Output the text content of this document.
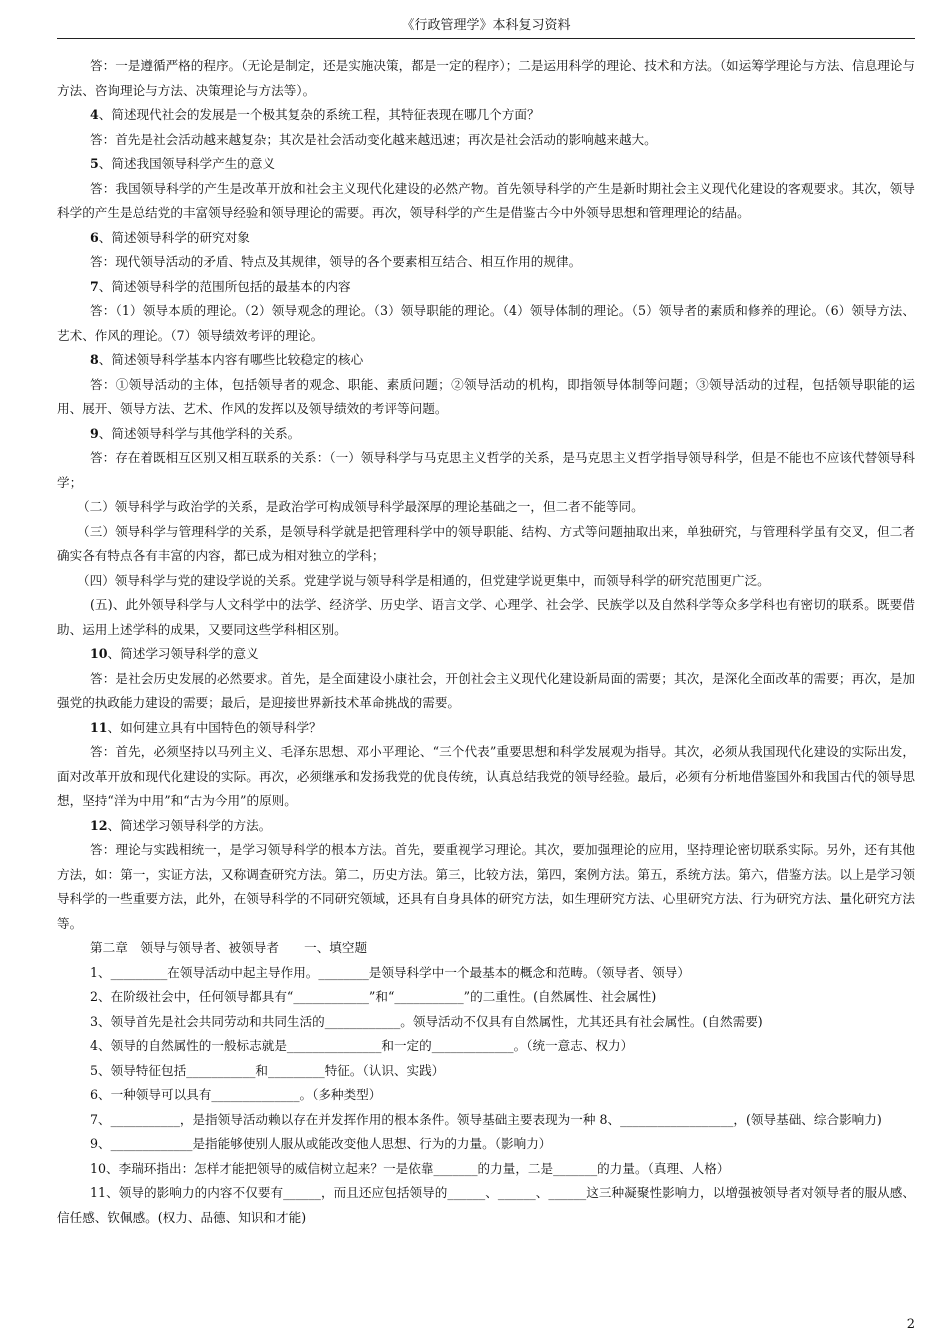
《行政管理学》本科复习资料

答：一是遵循严格的程序。（无论是制定，还是实施决策，都是一定的程序）；二是运用科学的理论、技术和方法。（如运筹学理论与方法、信息理论与方法、咨询理论与方法、决策理论与方法等）。

4、简述现代社会的发展是一个极其复杂的系统工程，其特征表现在哪几个方面？

答：首先是社会活动越来越复杂；其次是社会活动变化越来越迅速；再次是社会活动的影响越来越大。

5、简述我国领导科学产生的意义

答：我国领导科学的产生是改革开放和社会主义现代化建设的必然产物。首先领导科学的产生是新时期社会主义现代化建设的客观要求。其次，领导科学的产生是总结党的丰富领导经验和领导理论的需要。再次，领导科学的产生是借鉴古今中外领导思想和管理理论的结晶。

6、简述领导科学的研究对象

答：现代领导活动的矛盾、特点及其规律，领导的各个要素相互结合、相互作用的规律。

7、简述领导科学的范围所包括的最基本的内容

答：（1）领导本质的理论。（2）领导观念的理论。（3）领导职能的理论。（4）领导体制的理论。（5）领导者的素质和修养的理论。（6）领导方法、艺术、作风的理论。（7）领导绩效考评的理论。

8、简述领导科学基本内容有哪些比较稳定的核心

答：①领导活动的主体，包括领导者的观念、职能、素质问题；②领导活动的机构，即指领导体制等问题；③领导活动的过程，包括领导职能的运用、展开、领导方法、艺术、作风的发挥以及领导绩效的考评等问题。

9、简述领导科学与其他学科的关系。

答：存在着既相互区别又相互联系的关系：（一）领导科学与马克思主义哲学的关系，是马克思主义哲学指导领导科学，但是不能也不应该代替领导科学；

（二）领导科学与政治学的关系，是政治学可构成领导科学最深厚的理论基础之一，但二者不能等同。

（三）领导科学与管理科学的关系，是领导科学就是把管理科学中的领导职能、结构、方式等问题抽取出来，单独研究，与管理科学虽有交叉，但二者确实各有特点各有丰富的内容，都已成为相对独立的学科；

（四）领导科学与党的建设学说的关系。党建学说与领导科学是相通的，但党建学说更集中，而领导科学的研究范围更广泛。

(五)、此外领导科学与人文科学中的法学、经济学、历史学、语言文学、心理学、社会学、民族学以及自然科学等众多学科也有密切的联系。既要借助、运用上述学科的成果，又要同这些学科相区别。

10、简述学习领导科学的意义

答：是社会历史发展的必然要求。首先，是全面建设小康社会，开创社会主义现代化建设新局面的需要；其次，是深化全面改革的需要；再次，是加强党的执政能力建设的需要；最后，是迎接世界新技术革命挑战的需要。

11、如何建立具有中国特色的领导科学？

答：首先，必须坚持以马列主义、毛泽东思想、邓小平理论、“三个代表”重要思想和科学发展观为指导。其次，必须从我国现代化建设的实际出发，面对改革开放和现代化建设的实际。再次，必须继承和发扬我党的优良传统，认真总结我党的领导经验。最后，必须有分析地借鉴国外和我国古代的领导思想，坚持“洋为中用”和“古为今用”的原则。

12、简述学习领导科学的方法。

答：理论与实践相统一，是学习领导科学的根本方法。首先，要重视学习理论。其次，要加强理论的应用，坚持理论密切联系实际。另外，还有其他方法，如：第一，实证方法，又称调查研究方法。第二，历史方法。第三，比较方法，第四，案例方法。第五，系统方法。第六，借鉴方法。以上是学习领导科学的一些重要方法，此外，在领导科学的不同研究领域，还具有自身具体的研究方法，如生理研究方法、心里研究方法、行为研究方法、量化研究方法等。

第二章　领导与领导者、被领导者　　一、填空题

1、_________在领导活动中起主导作用。________是领导科学中一个最基本的概念和范畴。（领导者、领导）

2、在阶级社会中，任何领导都具有“____________”和“___________”的二重性。(自然属性、社会属性)

3、领导首先是社会共同劳动和共同生活的____________。领导活动不仅具有自然属性，尤其还具有社会属性。(自然需要)

4、领导的自然属性的一般标志就是_______________和一定的_____________。（统一意志、权力）

5、领导特征包括___________和_________特征。（认识、实践）

6、一种领导可以具有______________。（多种类型）

7、___________，是指领导活动赖以存在并发挥作用的根本条件。领导基础主要表现为一种 8、__________________，(领导基础、综合影响力)

9、_____________是指能够使别人服从或能改变他人思想、行为的力量。（影响力）

10、李瑞环指出：怎样才能把领导的威信树立起来？一是依靠_______的力量，二是_______的力量。（真理、人格）

11、领导的影响力的内容不仅要有______，而且还应包括领导的______、______、______这三种凝聚性影响力，以增强被领导者对领导者的服从感、信任感、钦佩感。(权力、品德、知识和才能)

2
